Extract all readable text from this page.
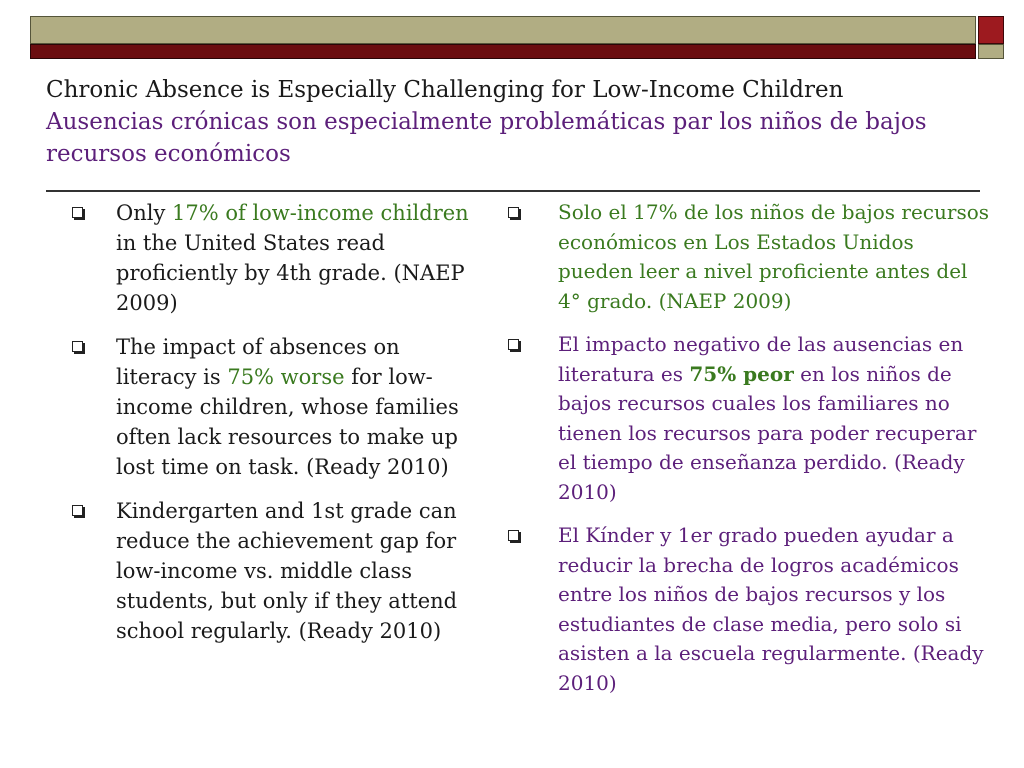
Chronic Absence is Especially Challenging for Low-Income Children
Ausencias crónicas son especialmente problemáticas par los niños de bajos recursos económicos
Only 17% of low-income children in the United States read proficiently by 4th grade. (NAEP 2009)
The impact of absences on literacy is 75% worse for low-income children, whose families often lack resources to make up lost time on task. (Ready 2010)
Kindergarten and 1st grade can reduce the achievement gap for low-income vs. middle class students, but only if they attend school regularly. (Ready 2010)
Solo el 17% de los niños de bajos recursos económicos en Los Estados Unidos pueden leer a nivel proficiente antes del 4° grado. (NAEP 2009)
El impacto negativo de las ausencias en literatura es 75% peor en los niños de bajos recursos cuales los familiares no tienen los recursos para poder recuperar el tiempo de enseñanza perdido. (Ready 2010)
El Kínder y 1er grado pueden ayudar a reducir la brecha de logros académicos entre los niños de bajos recursos y los estudiantes de clase media, pero solo si asisten a la escuela regularmente. (Ready 2010)
